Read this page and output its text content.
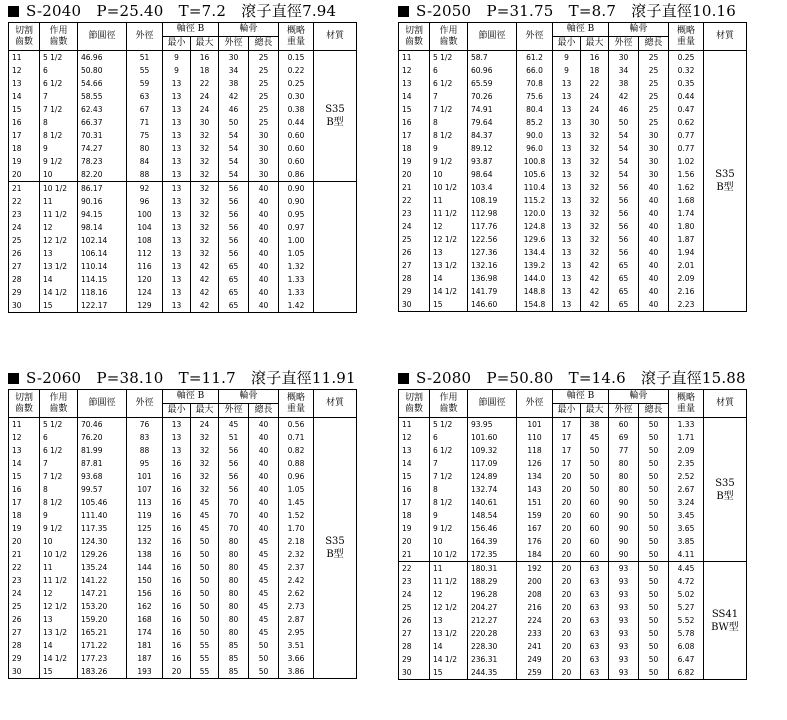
S-2040　P=25.40　T=7.2　滾子直徑7.94
切割
齒數	作用
齒數	節圓徑	外徑	軸徑 B		輪骨		概略
重量	材質
				最小	最大	外徑	總長		
11	5 1/2	46.96	51	9	16	30	25	0.15	S35
B型
12	6	50.80	55	9	18	34	25	0.22	
13	6 1/2	54.66	59	13	22	38	25	0.25	
14	7	58.55	63	13	24	42	25	0.30	
15	7 1/2	62.43	67	13	24	46	25	0.38	
16	8	66.37	71	13	30	50	25	0.44	
17	8 1/2	70.31	75	13	32	54	30	0.60	
18	9	74.27	80	13	32	54	30	0.60	
19	9 1/2	78.23	84	13	32	54	30	0.60	
20	10	82.20	88	13	32	54	30	0.86	
21	10 1/2	86.17	92	13	32	56	40	0.90	
22	11	90.16	96	13	32	56	40	0.90	
23	11 1/2	94.15	100	13	32	56	40	0.95	
24	12	98.14	104	13	32	56	40	0.97	
25	12 1/2	102.14	108	13	32	56	40	1.00	
26	13	106.14	112	13	32	56	40	1.05	
27	13 1/2	110.14	116	13	42	65	40	1.32	
28	14	114.15	120	13	42	65	40	1.33	
29	14 1/2	118.16	124	13	42	65	40	1.33	
30	15	122.17	129	13	42	65	40	1.42	
S-2050　P=31.75　T=8.7　滾子直徑10.16
切割
齒數	作用
齒數	節圓徑	外徑	軸徑 B		輪骨		概略
重量	材質
				最小	最大	外徑	總長		
11	5 1/2	58.7	61.2	9	16	30	25	0.25	S35
B型
12	6	60.96	66.0	9	18	34	25	0.32	
13	6 1/2	65.59	70.8	13	22	38	25	0.35	
14	7	70.26	75.6	13	24	42	25	0.44	
15	7 1/2	74.91	80.4	13	24	46	25	0.47	
16	8	79.64	85.2	13	30	50	25	0.62	
17	8 1/2	84.37	90.0	13	32	54	30	0.77	
18	9	89.12	96.0	13	32	54	30	0.77	
19	9 1/2	93.87	100.8	13	32	54	30	1.02	
20	10	98.64	105.6	13	32	54	30	1.56	
21	10 1/2	103.4	110.4	13	32	56	40	1.62	
22	11	108.19	115.2	13	32	56	40	1.68	
23	11 1/2	112.98	120.0	13	32	56	40	1.74	
24	12	117.76	124.8	13	32	56	40	1.80	
25	12 1/2	122.56	129.6	13	32	56	40	1.87	
26	13	127.36	134.4	13	32	56	40	1.94	
27	13 1/2	132.16	139.2	13	42	65	40	2.01	
28	14	136.98	144.0	13	42	65	40	2.09	
29	14 1/2	141.79	148.8	13	42	65	40	2.16	
30	15	146.60	154.8	13	42	65	40	2.23	
S-2060　P=38.10　T=11.7　滾子直徑11.91
切割
齒數	作用
齒數	節圓徑	外徑	軸徑 B		輪骨		概略
重量	材質
				最小	最大	外徑	總長		
11	5 1/2	70.46	76	13	24	45	40	0.56	S35
B型
12	6	76.20	83	13	32	51	40	0.71	
13	6 1/2	81.99	88	13	32	56	40	0.82	
14	7	87.81	95	16	32	56	40	0.88	
15	7 1/2	93.68	101	16	32	56	40	0.96	
16	8	99.57	107	16	32	56	40	1.05	
17	8 1/2	105.46	113	16	45	70	40	1.45	
18	9	111.40	119	16	45	70	40	1.52	
19	9 1/2	117.35	125	16	45	70	40	1.70	
20	10	124.30	132	16	50	80	45	2.18	
21	10 1/2	129.26	138	16	50	80	45	2.32	
22	11	135.24	144	16	50	80	45	2.37	
23	11 1/2	141.22	150	16	50	80	45	2.42	
24	12	147.21	156	16	50	80	45	2.62	
25	12 1/2	153.20	162	16	50	80	45	2.73	
26	13	159.20	168	16	50	80	45	2.87	
27	13 1/2	165.21	174	16	50	80	45	2.95	
28	14	171.22	181	16	55	85	50	3.51	
29	14 1/2	177.23	187	16	55	85	50	3.66	
30	15	183.26	193	20	55	85	50	3.86	
S-2080　P=50.80　T=14.6　滾子直徑15.88
切割
齒數	作用
齒數	節圓徑	外徑	軸徑 B		輪骨		概略
重量	材質
				最小	最大	外徑	總長		
11	5 1/2	93.95	101	17	38	60	50	1.33	S35
B型
12	6	101.60	110	17	45	69	50	1.71	
13	6 1/2	109.32	118	17	50	77	50	2.09	
14	7	117.09	126	17	50	80	50	2.35	
15	7 1/2	124.89	134	20	50	80	50	2.52	
16	8	132.74	143	20	50	80	50	2.67	
17	8 1/2	140.61	151	20	60	90	50	3.24	
18	9	148.54	159	20	60	90	50	3.45	
19	9 1/2	156.46	167	20	60	90	50	3.65	
20	10	164.39	176	20	60	90	50	3.85	
21	10 1/2	172.35	184	20	60	90	50	4.11	
22	11	180.31	192	20	63	93	50	4.45	SS41
BW型
23	11 1/2	188.29	200	20	63	93	50	4.72	
24	12	196.28	208	20	63	93	50	5.02	
25	12 1/2	204.27	216	20	63	93	50	5.27	
26	13	212.27	224	20	63	93	50	5.52	
27	13 1/2	220.28	233	20	63	93	50	5.78	
28	14	228.30	241	20	63	93	50	6.08	
29	14 1/2	236.31	249	20	63	93	50	6.47	
30	15	244.35	259	20	63	93	50	6.82	
